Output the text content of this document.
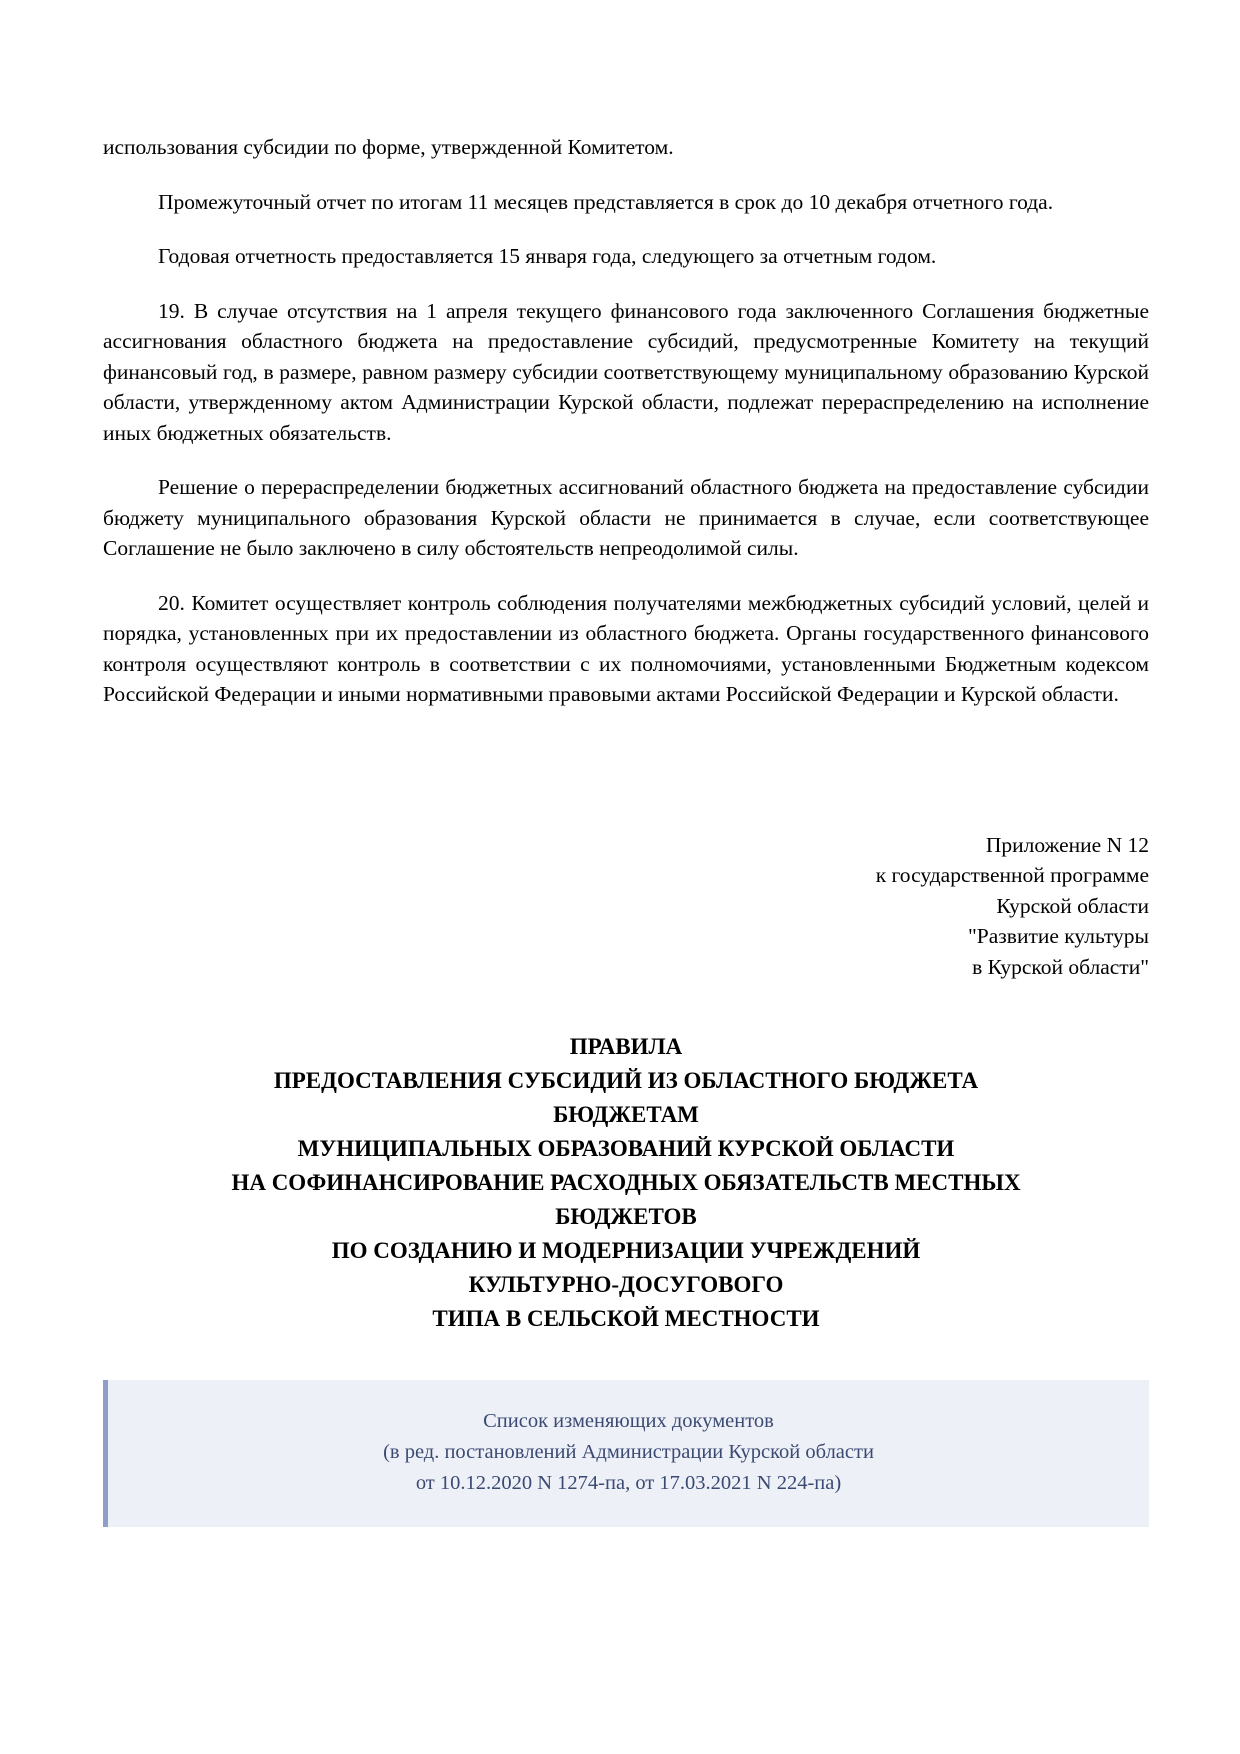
использования субсидии по форме, утвержденной Комитетом.

Промежуточный отчет по итогам 11 месяцев представляется в срок до 10 декабря отчетного года.

Годовая отчетность предоставляется 15 января года, следующего за отчетным годом.

19. В случае отсутствия на 1 апреля текущего финансового года заключенного Соглашения бюджетные ассигнования областного бюджета на предоставление субсидий, предусмотренные Комитету на текущий финансовый год, в размере, равном размеру субсидии соответствующему муниципальному образованию Курской области, утвержденному актом Администрации Курской области, подлежат перераспределению на исполнение иных бюджетных обязательств.

Решение о перераспределении бюджетных ассигнований областного бюджета на предоставление субсидии бюджету муниципального образования Курской области не принимается в случае, если соответствующее Соглашение не было заключено в силу обстоятельств непреодолимой силы.

20. Комитет осуществляет контроль соблюдения получателями межбюджетных субсидий условий, целей и порядка, установленных при их предоставлении из областного бюджета. Органы государственного финансового контроля осуществляют контроль в соответствии с их полномочиями, установленными Бюджетным кодексом Российской Федерации и иными нормативными правовыми актами Российской Федерации и Курской области.

Приложение N 12
к государственной программе
Курской области
"Развитие культуры
в Курской области"
ПРАВИЛА
ПРЕДОСТАВЛЕНИЯ СУБСИДИЙ ИЗ ОБЛАСТНОГО БЮДЖЕТА
БЮДЖЕТАМ
МУНИЦИПАЛЬНЫХ ОБРАЗОВАНИЙ КУРСКОЙ ОБЛАСТИ
НА СОФИНАНСИРОВАНИЕ РАСХОДНЫХ ОБЯЗАТЕЛЬСТВ МЕСТНЫХ
БЮДЖЕТОВ
ПО СОЗДАНИЮ И МОДЕРНИЗАЦИИ УЧРЕЖДЕНИЙ
КУЛЬТУРНО-ДОСУГОВОГО
ТИПА В СЕЛЬСКОЙ МЕСТНОСТИ
Список изменяющих документов
(в ред. постановлений Администрации Курской области
от 10.12.2020 N 1274-па, от 17.03.2021 N 224-па)
